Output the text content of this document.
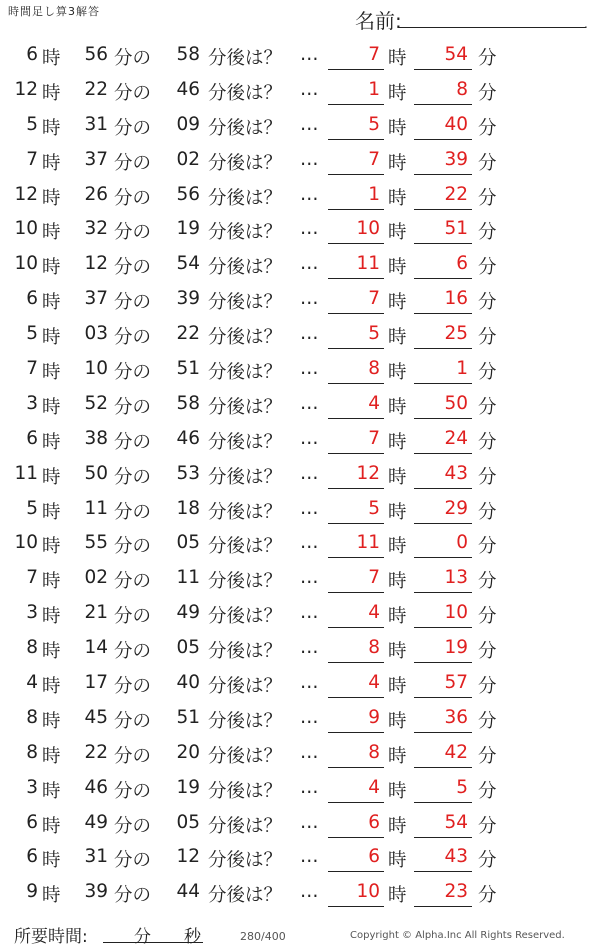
時間足し算3解答	名前:	.
6 時	56 分の	58 分後は？ …	7 時	54 分
12 時	22 分の	46 分後は？ …	1 時	8 分
5 時	31 分の	09 分後は？ …	5 時	40 分
7 時	37 分の	02 分後は？ …	7 時	39 分
12 時	26 分の	56 分後は？ …	1 時	22 分
10 時	32 分の	19 分後は？ …	10 時	51 分
10 時	12 分の	54 分後は？ …	11 時	6 分
6 時	37 分の	39 分後は？ …	7 時	16 分
5 時	03 分の	22 分後は？ …	5 時	25 分
7 時	10 分の	51 分後は？ …	8 時	1 分
3 時	52 分の	58 分後は？ …	4 時	50 分
6 時	38 分の	46 分後は？ …	7 時	24 分
11 時	50 分の	53 分後は？ …	12 時	43 分
5 時	11 分の	18 分後は？ …	5 時	29 分
10 時	55 分の	05 分後は？ …	11 時	0 分
7 時	02 分の	11 分後は？ …	7 時	13 分
3 時	21 分の	49 分後は？ …	4 時	10 分
8 時	14 分の	05 分後は？ …	8 時	19 分
4 時	17 分の	40 分後は？ …	4 時	57 分
8 時	45 分の	51 分後は？ …	9 時	36 分
8 時	22 分の	20 分後は？ …	8 時	42 分
3 時	46 分の	19 分後は？ …	4 時	5 分
6 時	49 分の	05 分後は？ …	6 時	54 分
6 時	31 分の	12 分後は？ …	6 時	43 分
9 時	39 分の	44 分後は？ …	10 時	23 分
所要時間:	分 秒	280/400	Copyright © Alpha.Inc All Rights Reserved.
